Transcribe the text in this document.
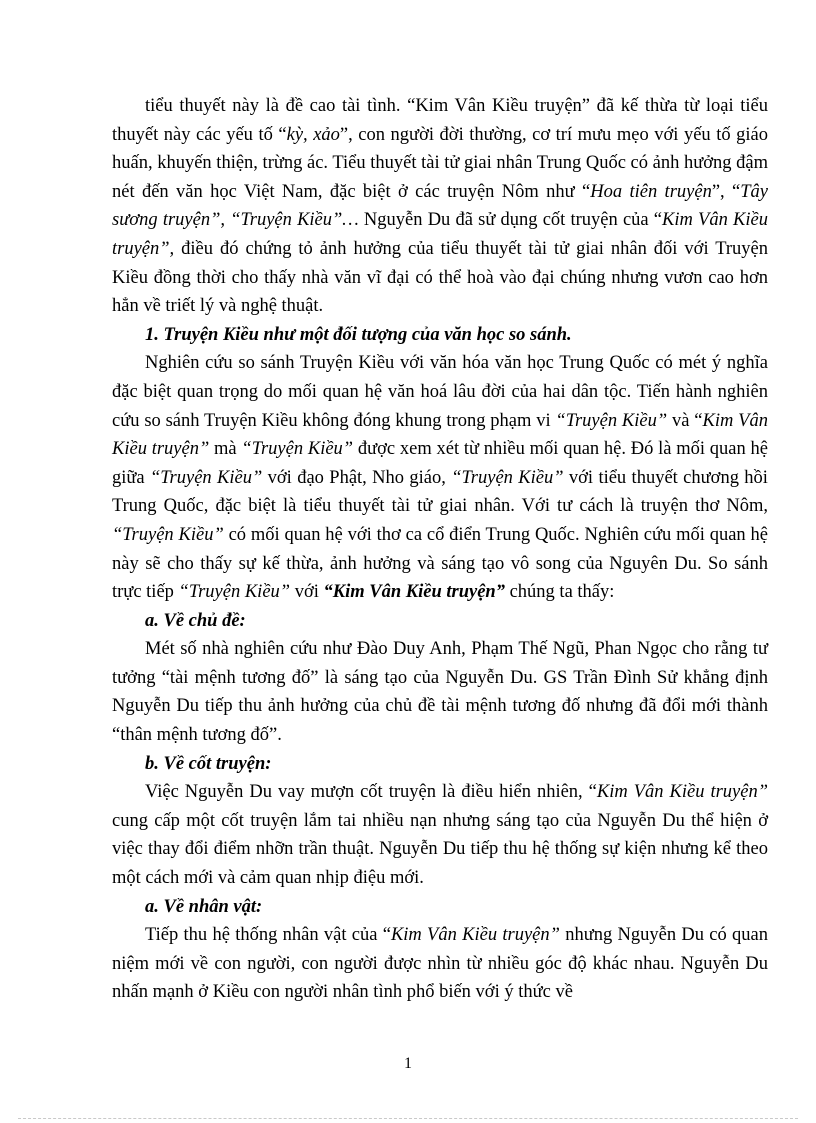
tiểu thuyết này là đề cao tài tình. “Kim Vân Kiều truyện” đã kế thừa từ loại tiểu thuyết này các yếu tố “kỳ, xảo”, con người đời thường, cơ trí mưu mẹo với yếu tố giáo huấn, khuyến thiện, trừng ác. Tiểu thuyết tài tử giai nhân Trung Quốc có ảnh hưởng đậm nét đến văn học Việt Nam, đặc biệt ở các truyện Nôm như “Hoa tiên truyện”, “Tây sương truyện”, “Truyện Kiều”… Nguyễn Du đã sử dụng cốt truyện của “Kim Vân Kiều truyện”, điều đó chứng tỏ ảnh hưởng của tiểu thuyết tài tử giai nhân đối với Truyện Kiều đồng thời cho thấy nhà văn vĩ đại có thể hoà vào đại chúng nhưng vươn cao hơn hẳn về triết lý và nghệ thuật.

1. Truyện Kiều như một đối tượng của văn học so sánh.

Nghiên cứu so sánh Truyện Kiều với văn hóa văn học Trung Quốc có mét ý nghĩa đặc biệt quan trọng do mối quan hệ văn hoá lâu đời của hai dân tộc. Tiến hành nghiên cứu so sánh Truyện Kiều không đóng khung trong phạm vi “Truyện Kiều” và “Kim Vân Kiều truyện” mà “Truyện Kiều” được xem xét từ nhiều mối quan hệ. Đó là mối quan hệ giữa “Truyện Kiều” với đạo Phật, Nho giáo, “Truyện Kiều” với tiểu thuyết chương hồi Trung Quốc, đặc biệt là tiểu thuyết tài tử giai nhân. Với tư cách là truyện thơ Nôm, “Truyện Kiều” có mối quan hệ với thơ ca cổ điển Trung Quốc. Nghiên cứu mối quan hệ này sẽ cho thấy sự kế thừa, ảnh hưởng và sáng tạo vô song của Nguyên Du. So sánh trực tiếp “Truyện Kiều” với “Kim Vân Kiều truyện” chúng ta thấy:

a. Về chủ đề:

Mét số nhà nghiên cứu như Đào Duy Anh, Phạm Thế Ngũ, Phan Ngọc cho rằng tư tưởng “tài mệnh tương đố” là sáng tạo của Nguyễn Du. GS Trần Đình Sử khẳng định Nguyễn Du tiếp thu ảnh hưởng của chủ đề tài mệnh tương đố nhưng đã đổi mới thành “thân mệnh tương đố”.

b. Về cốt truyện:

Việc Nguyễn Du vay mượn cốt truyện là điều hiển nhiên, “Kim Vân Kiều truyện” cung cấp một cốt truyện lắm tai nhiều nạn nhưng sáng tạo của Nguyễn Du thể hiện ở việc thay đổi điểm nhỡn trần thuật. Nguyễn Du tiếp thu hệ thống sự kiện nhưng kể theo một cách mới và cảm quan nhịp điệu mới.

a. Về nhân vật:

Tiếp thu hệ thống nhân vật của “Kim Vân Kiều truyện” nhưng Nguyễn Du có quan niệm mới về con người, con người được nhìn từ nhiều góc độ khác nhau. Nguyễn Du nhấn mạnh ở Kiều con người nhân tình phổ biến với ý thức về

1
